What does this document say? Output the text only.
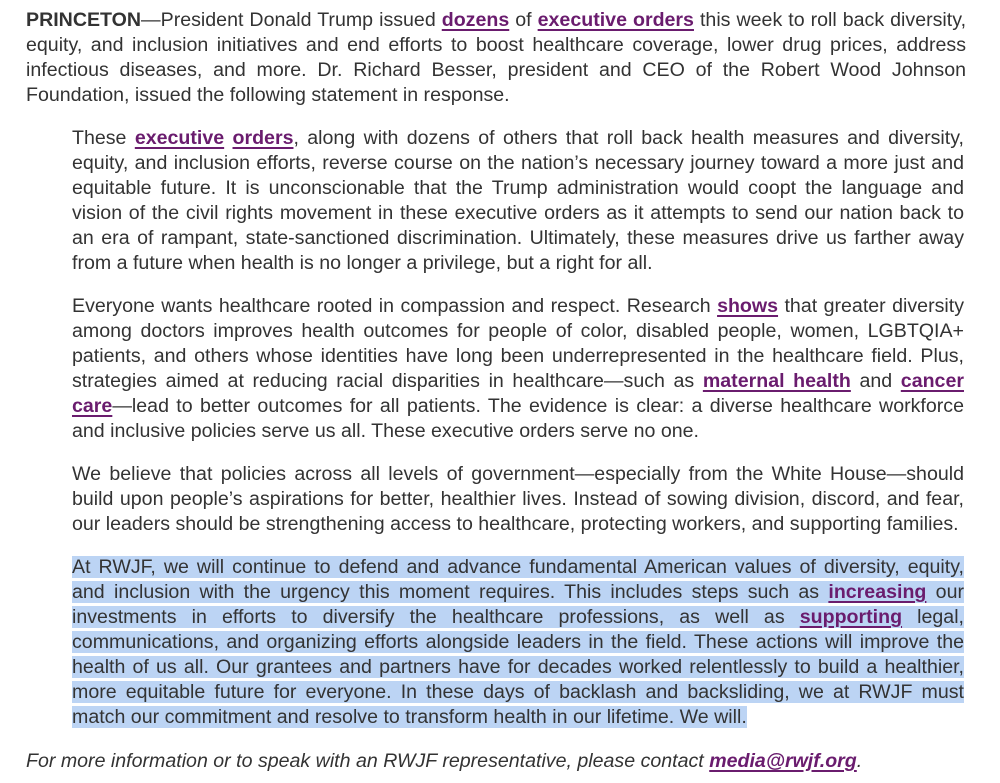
PRINCETON—President Donald Trump issued dozens of executive orders this week to roll back diversity, equity, and inclusion initiatives and end efforts to boost healthcare coverage, lower drug prices, address infectious diseases, and more. Dr. Richard Besser, president and CEO of the Robert Wood Johnson Foundation, issued the following statement in response.

These executive orders, along with dozens of others that roll back health measures and diversity, equity, and inclusion efforts, reverse course on the nation’s necessary journey toward a more just and equitable future. It is unconscionable that the Trump administration would coopt the language and vision of the civil rights movement in these executive orders as it attempts to send our nation back to an era of rampant, state-sanctioned discrimination. Ultimately, these measures drive us farther away from a future when health is no longer a privilege, but a right for all.

Everyone wants healthcare rooted in compassion and respect. Research shows that greater diversity among doctors improves health outcomes for people of color, disabled people, women, LGBTQIA+ patients, and others whose identities have long been underrepresented in the healthcare field. Plus, strategies aimed at reducing racial disparities in healthcare—such as maternal health and cancer care—lead to better outcomes for all patients. The evidence is clear: a diverse healthcare workforce and inclusive policies serve us all. These executive orders serve no one.

We believe that policies across all levels of government—especially from the White House—should build upon people’s aspirations for better, healthier lives. Instead of sowing division, discord, and fear, our leaders should be strengthening access to healthcare, protecting workers, and supporting families.

At RWJF, we will continue to defend and advance fundamental American values of diversity, equity, and inclusion with the urgency this moment requires. This includes steps such as increasing our investments in efforts to diversify the healthcare professions, as well as supporting legal, communications, and organizing efforts alongside leaders in the field. These actions will improve the health of us all. Our grantees and partners have for decades worked relentlessly to build a healthier, more equitable future for everyone. In these days of backlash and backsliding, we at RWJF must match our commitment and resolve to transform health in our lifetime. We will.

For more information or to speak with an RWJF representative, please contact media@rwjf.org.
